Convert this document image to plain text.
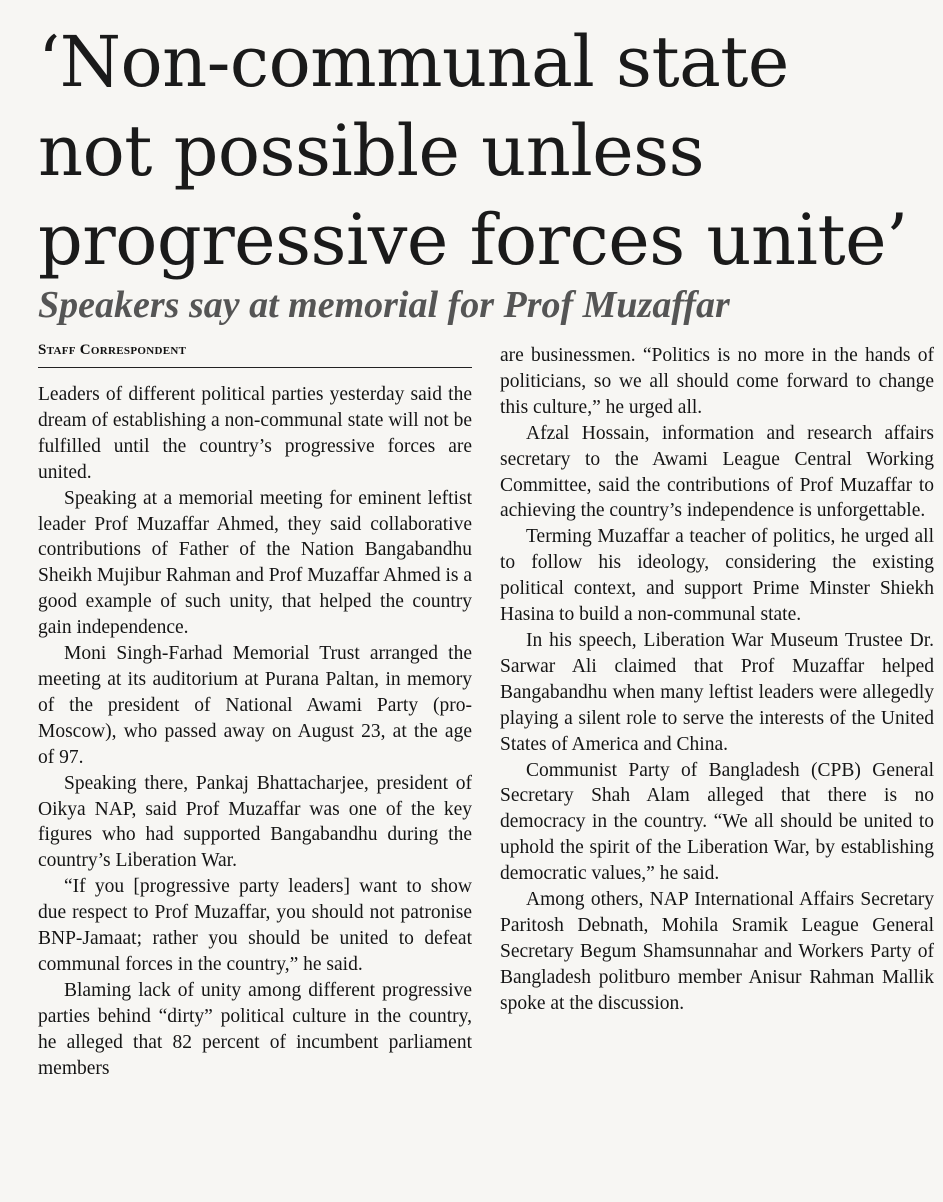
‘Non-communal state
not possible unless
progressive forces unite’
Speakers say at memorial for Prof Muzaffar
Staff Correspondent

Leaders of different political parties yesterday said the dream of establishing a non-communal state will not be fulfilled until the country’s progressive forces are united.

Speaking at a memorial meeting for eminent leftist leader Prof Muzaffar Ahmed, they said collaborative contributions of Father of the Nation Bangabandhu Sheikh Mujibur Rahman and Prof Muzaffar Ahmed is a good example of such unity, that helped the country gain independence.

Moni Singh-Farhad Memorial Trust arranged the meeting at its auditorium at Purana Paltan, in memory of the president of National Awami Party (pro-Moscow), who passed away on August 23, at the age of 97.

Speaking there, Pankaj Bhattacharjee, president of Oikya NAP, said Prof Muzaffar was one of the key figures who had supported Bangabandhu during the country’s Liberation War.

“If you [progressive party leaders] want to show due respect to Prof Muzaffar, you should not patronise BNP-Jamaat; rather you should be united to defeat communal forces in the country,” he said.

Blaming lack of unity among different progressive parties behind “dirty” political culture in the country, he alleged that 82 percent of incumbent parliament members

are businessmen. “Politics is no more in the hands of politicians, so we all should come forward to change this culture,” he urged all.

Afzal Hossain, information and research affairs secretary to the Awami League Central Working Committee, said the contributions of Prof Muzaffar to achieving the country’s independence is unforgettable.

Terming Muzaffar a teacher of politics, he urged all to follow his ideology, considering the existing political context, and support Prime Minster Shiekh Hasina to build a non-communal state.

In his speech, Liberation War Museum Trustee Dr. Sarwar Ali claimed that Prof Muzaffar helped Bangabandhu when many leftist leaders were allegedly playing a silent role to serve the interests of the United States of America and China.

Communist Party of Bangladesh (CPB) General Secretary Shah Alam alleged that there is no democracy in the country. “We all should be united to uphold the spirit of the Liberation War, by establishing democratic values,” he said.

Among others, NAP International Affairs Secretary Paritosh Debnath, Mohila Sramik League General Secretary Begum Shamsunnahar and Workers Party of Bangladesh politburo member Anisur Rahman Mallik spoke at the discussion.
